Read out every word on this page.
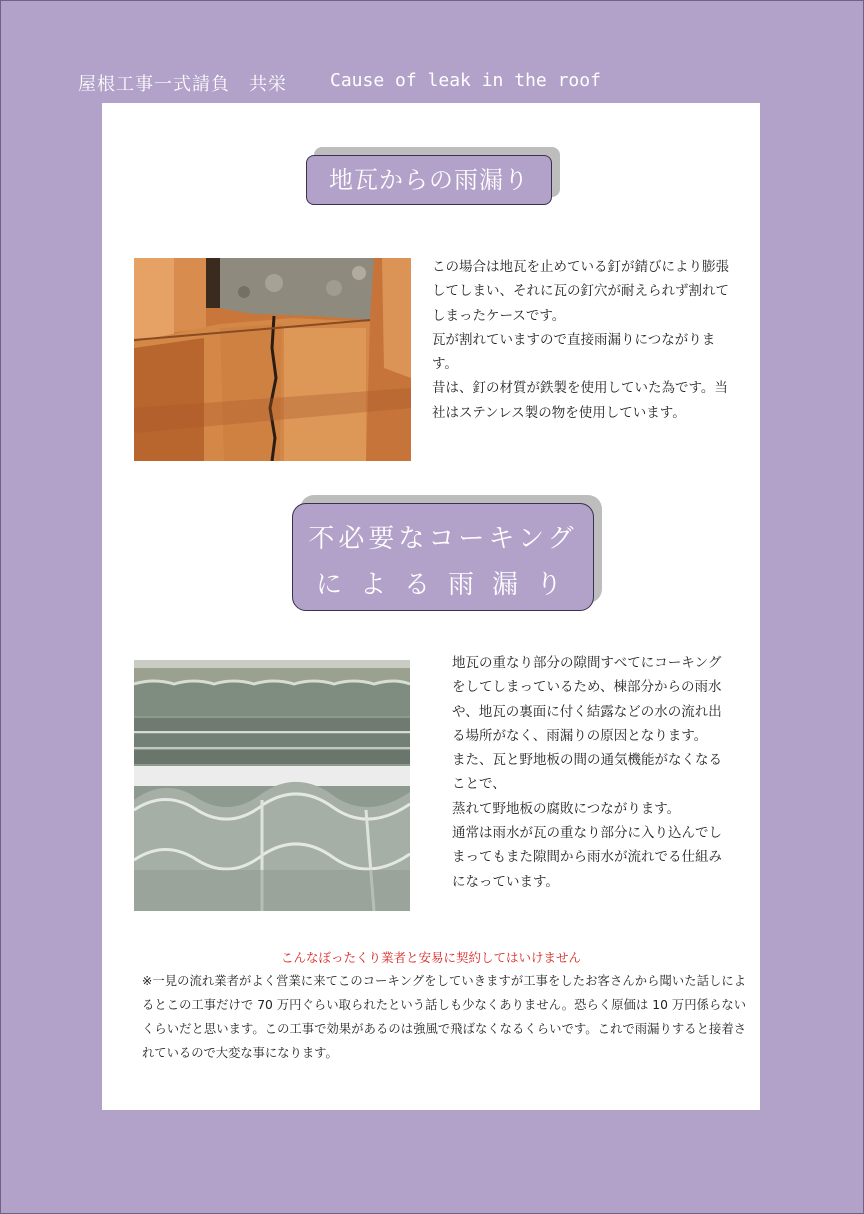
屋根工事一式請負　共栄 Cause of leak in the roof
地瓦からの雨漏り

この場合は地瓦を止めている釘が錆びにより膨張してしまい、それに瓦の釘穴が耐えられず割れてしまったケースです。

瓦が割れていますので直接雨漏りにつながります。

昔は、釘の材質が鉄製を使用していた為です。当社はステンレス製の物を使用しています。

不必要なコーキング
による雨漏り

地瓦の重なり部分の隙間すべてにコーキングをしてしまっているため、棟部分からの雨水や、地瓦の裏面に付く結露などの水の流れ出る場所がなく、雨漏りの原因となります。

また、瓦と野地板の間の通気機能がなくなることで、

蒸れて野地板の腐敗につながります。

通常は雨水が瓦の重なり部分に入り込んでしまってもまた隙間から雨水が流れでる仕組みになっています。

こんなぼったくり業者と安易に契約してはいけません
※一見の流れ業者がよく営業に来てこのコーキングをしていきますが工事をしたお客さんから聞いた話しによるとこの工事だけで 70 万円ぐらい取られたという話しも少なくありません。恐らく原価は 10 万円係らないくらいだと思います。この工事で効果があるのは強風で飛ばなくなるくらいです。これで雨漏りすると接着されているので大変な事になります。
